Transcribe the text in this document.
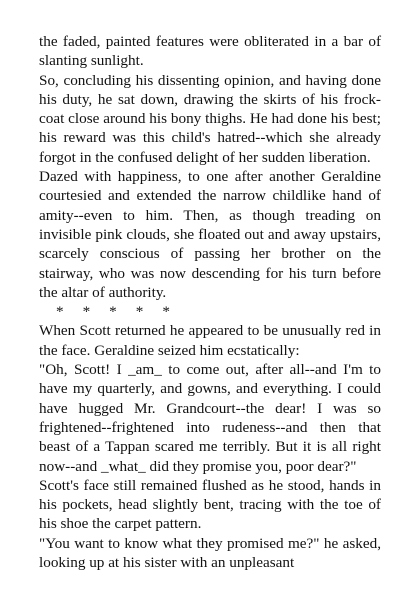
the faded, painted features were obliterated in a bar of slanting sunlight.

So, concluding his dissenting opinion, and having done his duty, he sat down, drawing the skirts of his frock-coat close around his bony thighs. He had done his best; his reward was this child's hatred--which she already forgot in the confused delight of her sudden liberation.

Dazed with happiness, to one after another Geraldine courtesied and extended the narrow childlike hand of amity--even to him. Then, as though treading on invisible pink clouds, she floated out and away upstairs, scarcely conscious of passing her brother on the stairway, who was now descending for his turn before the altar of authority.

*     *     *     *     *

When Scott returned he appeared to be unusually red in the face. Geraldine seized him ecstatically:

"Oh, Scott! I _am_ to come out, after all--and I'm to have my quarterly, and gowns, and everything. I could have hugged Mr. Grandcourt--the dear! I was so frightened--frightened into rudeness--and then that beast of a Tappan scared me terribly. But it is all right now--and _what_ did they promise you, poor dear?"

Scott's face still remained flushed as he stood, hands in his pockets, head slightly bent, tracing with the toe of his shoe the carpet pattern.

"You want to know what they promised me?" he asked, looking up at his sister with an unpleasant
